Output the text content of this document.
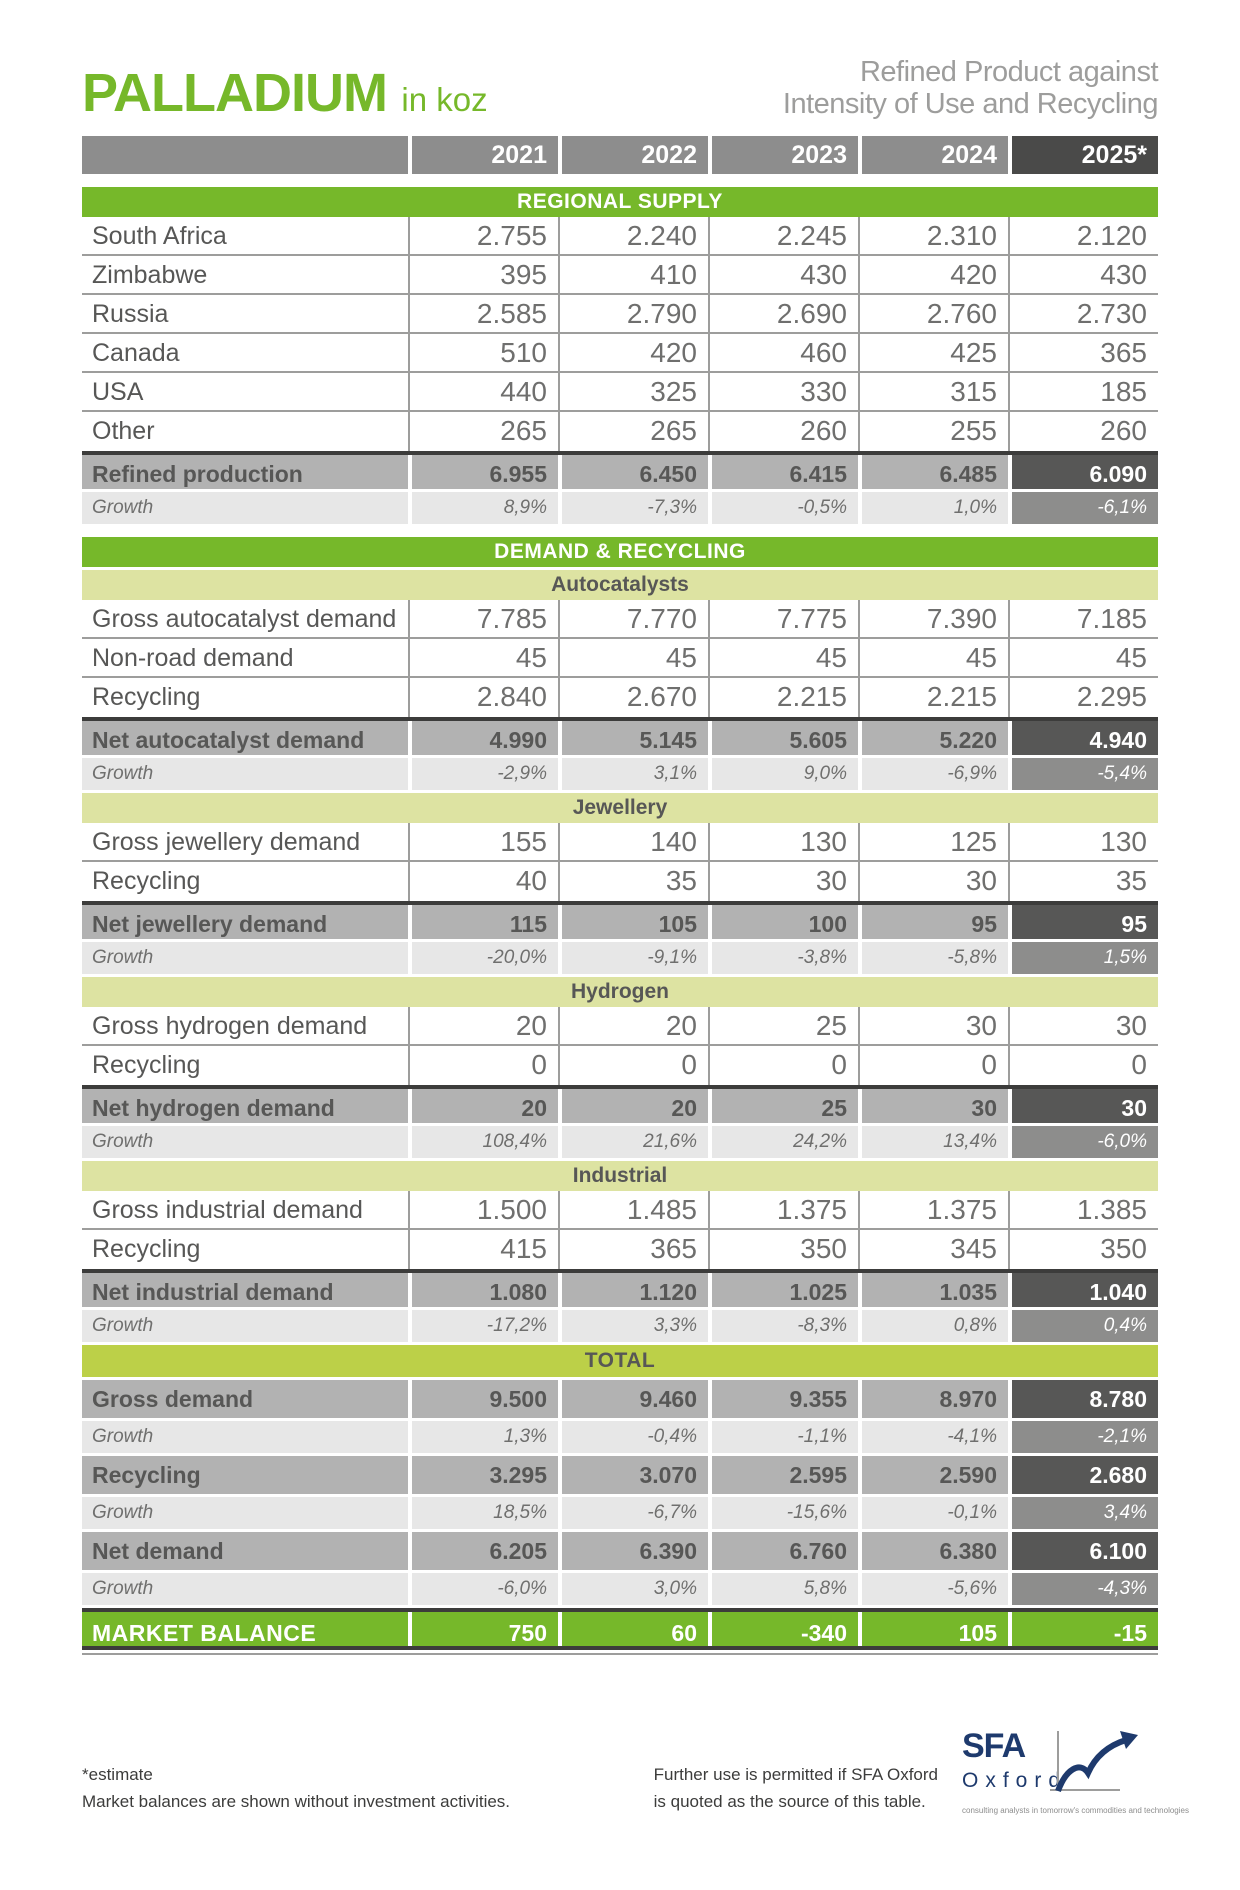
PALLADIUM in koz
Refined Product against
Intensity of Use and Recycling
2021	2022	2023	2024	2025*
REGIONAL SUPPLY
South Africa	2.755	2.240	2.245	2.310	2.120
Zimbabwe	395	410	430	420	430
Russia	2.585	2.790	2.690	2.760	2.730
Canada	510	420	460	425	365
USA	440	325	330	315	185
Other	265	265	260	255	260
Refined production	6.955	6.450	6.415	6.485	6.090
Growth	8,9%	-7,3%	-0,5%	1,0%	-6,1%
DEMAND & RECYCLING
Autocatalysts
Gross autocatalyst demand	7.785	7.770	7.775	7.390	7.185
Non-road demand	45	45	45	45	45
Recycling	2.840	2.670	2.215	2.215	2.295
Net autocatalyst demand	4.990	5.145	5.605	5.220	4.940
Growth	-2,9%	3,1%	9,0%	-6,9%	-5,4%
Jewellery
Gross jewellery demand	155	140	130	125	130
Recycling	40	35	30	30	35
Net jewellery demand	115	105	100	95	95
Growth	-20,0%	-9,1%	-3,8%	-5,8%	1,5%
Hydrogen
Gross hydrogen demand	20	20	25	30	30
Recycling	0	0	0	0	0
Net hydrogen demand	20	20	25	30	30
Growth	108,4%	21,6%	24,2%	13,4%	-6,0%
Industrial
Gross industrial demand	1.500	1.485	1.375	1.375	1.385
Recycling	415	365	350	345	350
Net industrial demand	1.080	1.120	1.025	1.035	1.040
Growth	-17,2%	3,3%	-8,3%	0,8%	0,4%
TOTAL
Gross demand	9.500	9.460	9.355	8.970	8.780
Growth	1,3%	-0,4%	-1,1%	-4,1%	-2,1%
Recycling	3.295	3.070	2.595	2.590	2.680
Growth	18,5%	-6,7%	-15,6%	-0,1%	3,4%
Net demand	6.205	6.390	6.760	6.380	6.100
Growth	-6,0%	3,0%	5,8%	-5,6%	-4,3%
MARKET BALANCE	750	60	-340	105	-15
*estimate
Market balances are shown without investment activities.
Further use is permitted if SFA Oxford
is quoted as the source of this table.
SFA
Oxford
consulting analysts in tomorrow's commodities and technologies
